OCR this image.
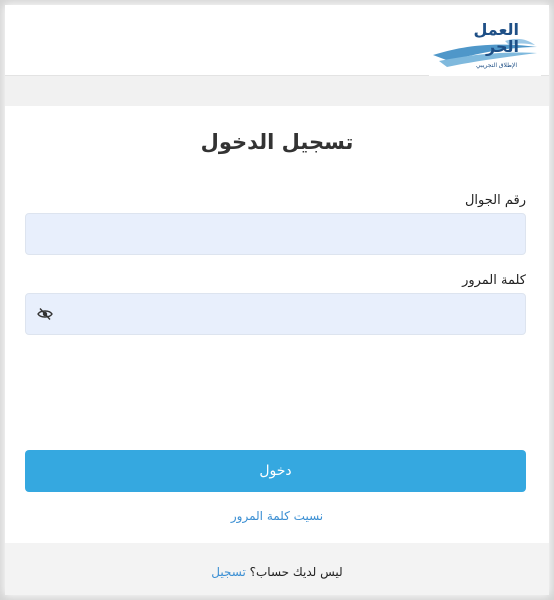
العمل
الحر
الإطلاق التجريبي
تسجيل الدخول
رقم الجوال
كلمة المرور
دخول
نسيت كلمة المرور
ليس لديك حساب؟ تسجيل
